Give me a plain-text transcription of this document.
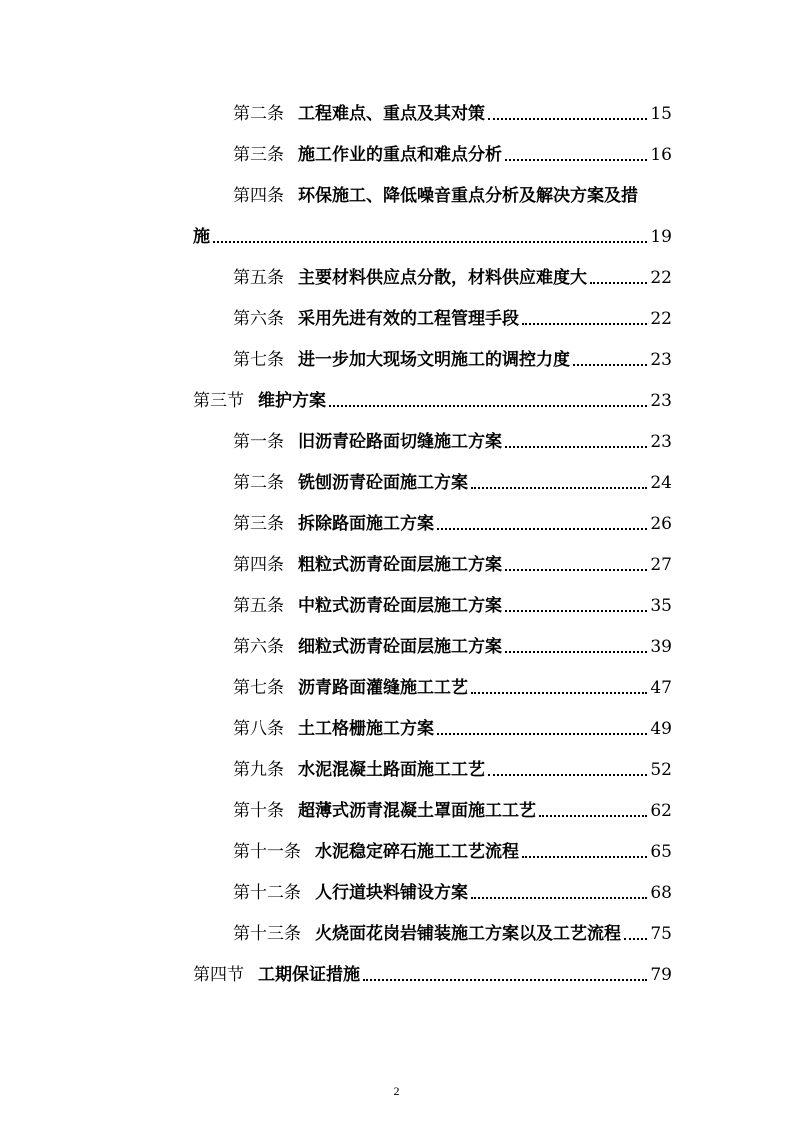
第二条 工程难点、重点及其对策	15
第三条 施工作业的重点和难点分析	16
第四条 环保施工、降低噪音重点分析及解决方案及措
施	19
第五条 主要材料供应点分散，材料供应难度大	22
第六条 采用先进有效的工程管理手段	22
第七条 进一步加大现场文明施工的调控力度	23
第三节 维护方案	23
第一条 旧沥青砼路面切缝施工方案	23
第二条 铣刨沥青砼面施工方案	24
第三条 拆除路面施工方案	26
第四条 粗粒式沥青砼面层施工方案	27
第五条 中粒式沥青砼面层施工方案	35
第六条 细粒式沥青砼面层施工方案	39
第七条 沥青路面灌缝施工工艺	47
第八条 土工格栅施工方案	49
第九条 水泥混凝土路面施工工艺	52
第十条 超薄式沥青混凝土罩面施工工艺	62
第十一条 水泥稳定碎石施工工艺流程	65
第十二条 人行道块料铺设方案	68
第十三条 火烧面花岗岩铺装施工方案以及工艺流程 75
第四节 工期保证措施	79
2
